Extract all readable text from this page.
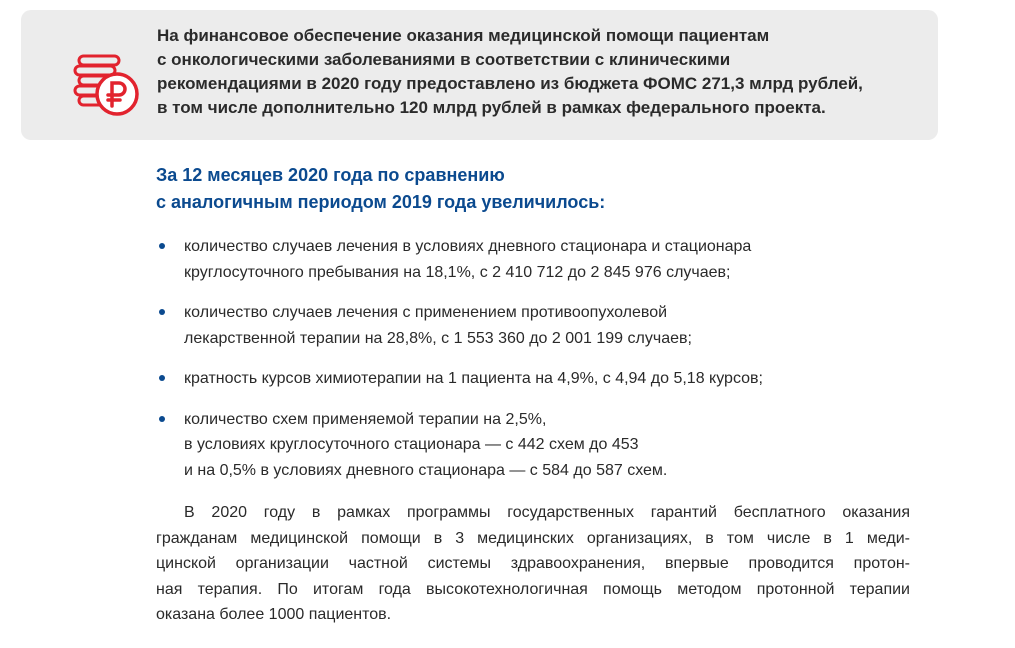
На финансовое обеспечение оказания медицинской помощи пациентам
с онкологическими заболеваниями в соответствии с клиническими
рекомендациями в 2020 году предоставлено из бюджета ФОМС 271,3 млрд рублей,
в том числе дополнительно 120 млрд рублей в рамках федерального проекта.
За 12 месяцев 2020 года по сравнению
с аналогичным периодом 2019 года увеличилось:
количество случаев лечения в условиях дневного стационара и стационара
круглосуточного пребывания на 18,1%, с 2 410 712 до 2 845 976 случаев;
количество случаев лечения с применением противоопухолевой
лекарственной терапии на 28,8%, с 1 553 360 до 2 001 199 случаев;
кратность курсов химиотерапии на 1 пациента на 4,9%, с 4,94 до 5,18 курсов;
количество схем применяемой терапии на 2,5%,
в условиях круглосуточного стационара — с 442 схем до 453
и на 0,5% в условиях дневного стационара — с 584 до 587 схем.
В 2020 году в рамках программы государственных гарантий бесплатного оказания
гражданам медицинской помощи в 3 медицинских организациях, в том числе в 1 меди-
цинской организации частной системы здравоохранения, впервые проводится протон-
ная терапия. По итогам года высокотехнологичная помощь методом протонной терапии
оказана более 1000 пациентов.
